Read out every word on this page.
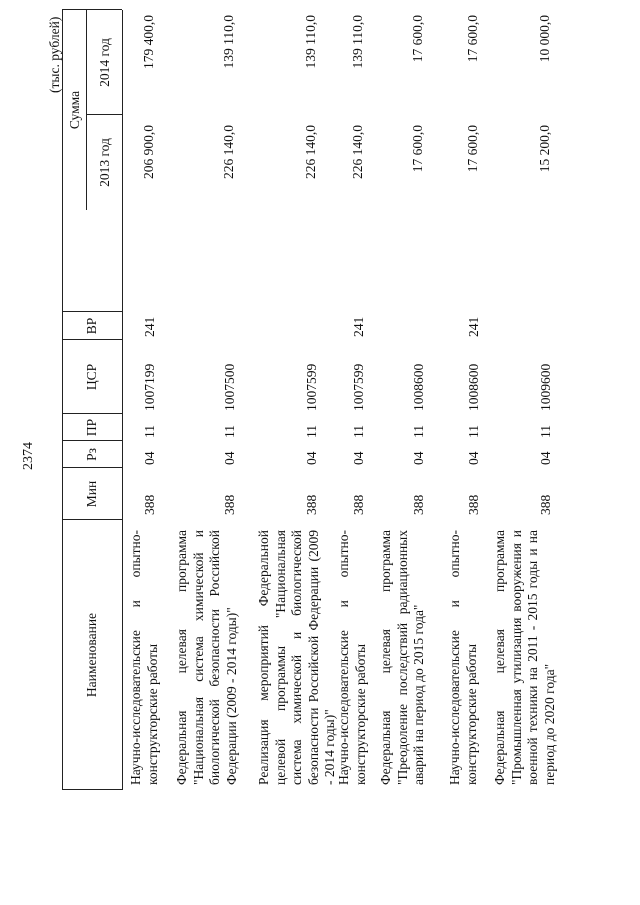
2374
(тыс. рублей)
Наименование
Мин
Рз
ПР
ЦСР
ВР
Сумма
2013 год
2014 год
Научно-исследовательские и опытно-конструкторские работы
388
04
11
1007199
241
206 900,0
179 400,0
Федеральная целевая программа "Национальная система химической и биологической безопасности Российской Федерации (2009 - 2014 годы)"
388
04
11
1007500
226 140,0
139 110,0
Реализация мероприятий Федеральной целевой программы "Национальная система химической и биологической безопасности Российской Федерации (2009 - 2014 годы)"
388
04
11
1007599
226 140,0
139 110,0
Научно-исследовательские и опытно-конструкторские работы
388
04
11
1007599
241
226 140,0
139 110,0
Федеральная целевая программа "Преодоление последствий радиационных аварий на период до 2015 года"
388
04
11
1008600
17 600,0
17 600,0
Научно-исследовательские и опытно-конструкторские работы
388
04
11
1008600
241
17 600,0
17 600,0
Федеральная целевая программа "Промышленная утилизация вооружения и военной техники на 2011 - 2015 годы и на период до 2020 года"
388
04
11
1009600
15 200,0
10 000,0
